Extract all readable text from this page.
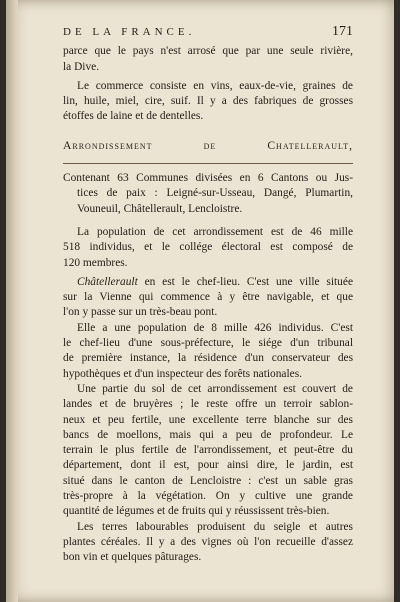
DE LA FRANCE.	171

parce que le pays n'est arrosé que par une seule rivière,
la Dive.

Le commerce consiste en vins, eaux-de-vie, graines de
lin, huile, miel, cire, suif. Il y a des fabriques de grosses
étoffes de laine et de dentelles.

Arrondissement de Chatellerault,

Contenant 63 Communes divisées en 6 Cantons ou Jus-
tices de paix : Leigné-sur-Usseau, Dangé, Plumartin,
Vouneuil, Châtellerault, Lencloistre.

La population de cet arrondissement est de 46 mille
518 individus, et le collége électoral est composé de
120 membres.

Châtellerault en est le chef-lieu. C'est une ville située
sur la Vienne qui commence à y être navigable, et que
l'on y passe sur un très-beau pont.

Elle a une population de 8 mille 426 individus. C'est
le chef-lieu d'une sous-préfecture, le siége d'un tribunal
de première instance, la résidence d'un conservateur des
hypothèques et d'un inspecteur des forêts nationales.

Une partie du sol de cet arrondissement est couvert de
landes et de bruyères ; le reste offre un terroir sablon-
neux et peu fertile, une excellente terre blanche sur des
bancs de moellons, mais qui a peu de profondeur. Le
terrain le plus fertile de l'arrondissement, et peut-être du
département, dont il est, pour ainsi dire, le jardin, est
situé dans le canton de Lencloistre : c'est un sable gras
très-propre à la végétation. On y cultive une grande
quantité de légumes et de fruits qui y réussissent très-bien.

Les terres labourables produisent du seigle et autres
plantes céréales. Il y a des vignes où l'on recueille d'assez
bon vin et quelques pâturages.
